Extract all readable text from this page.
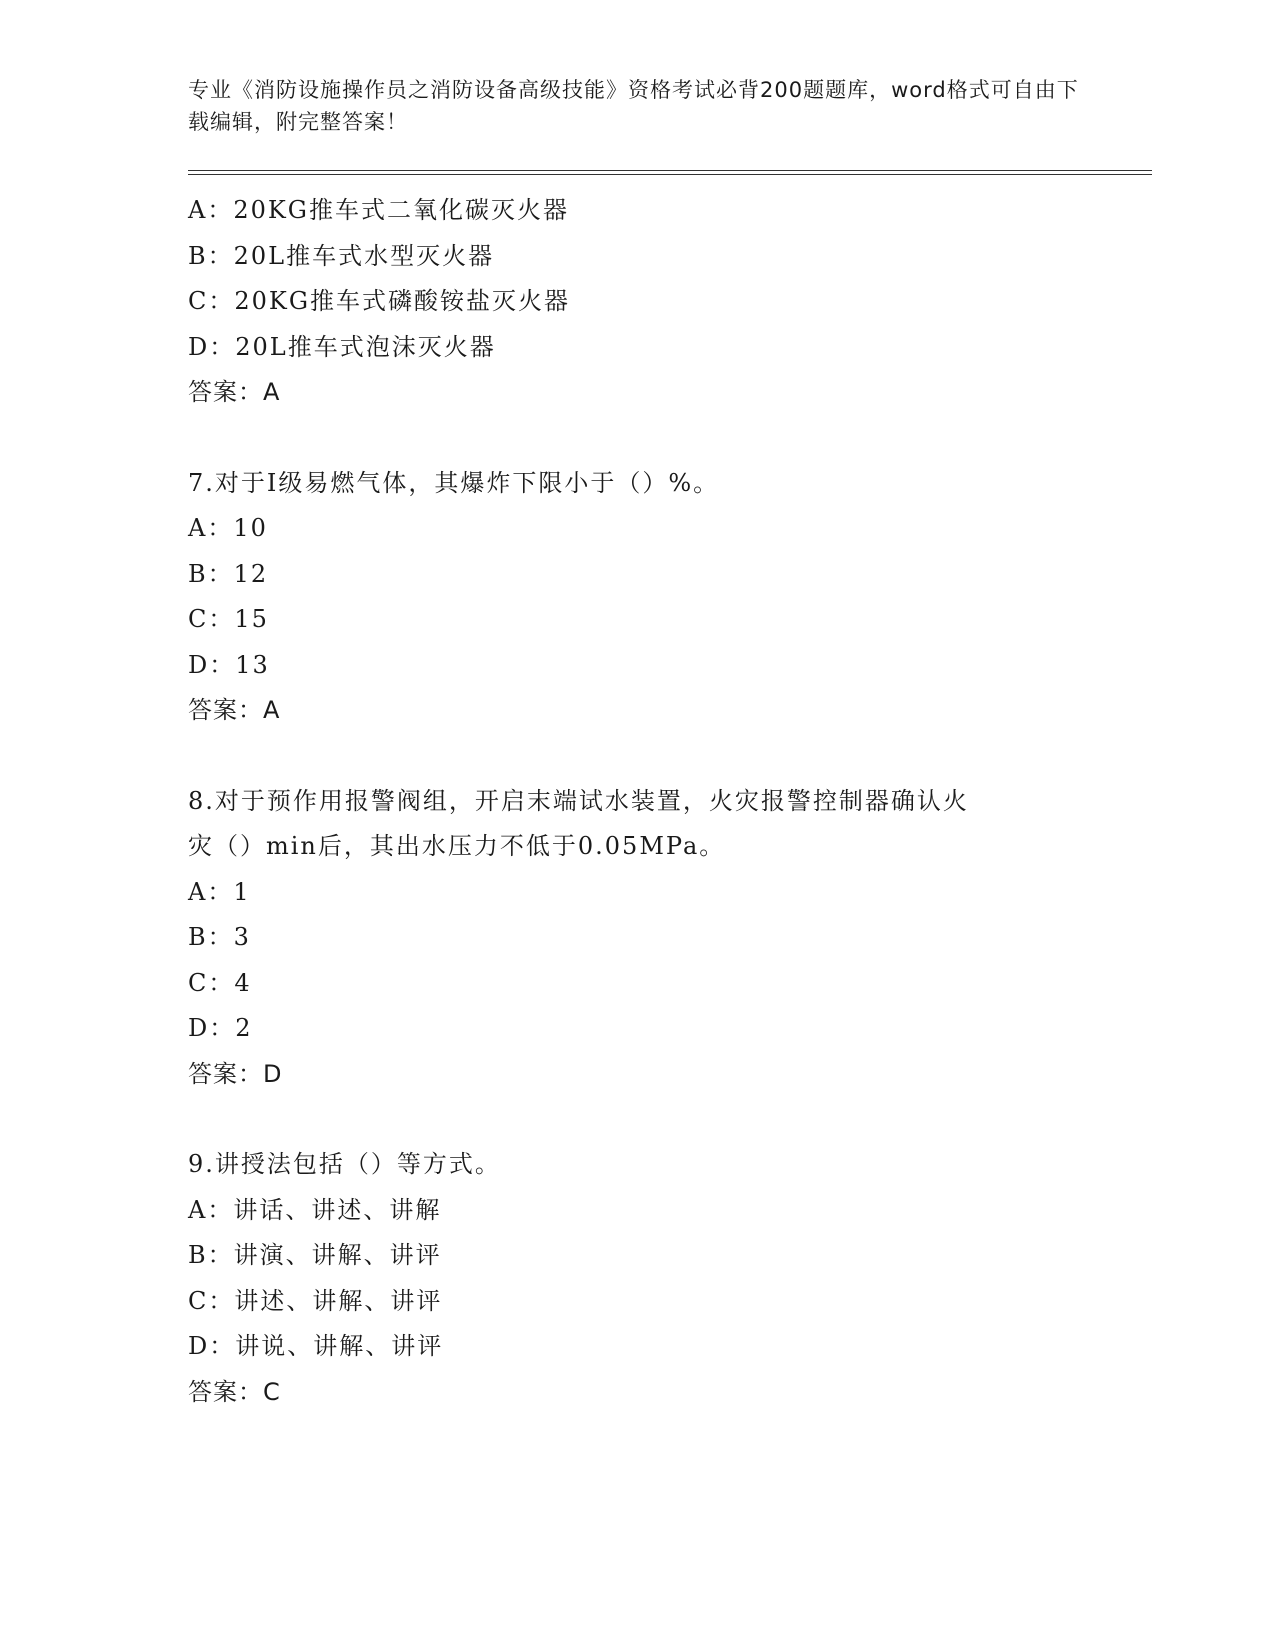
专业《消防设施操作员之消防设备高级技能》资格考试必背200题题库，word格式可自由下载编辑，附完整答案！
A：20KG推车式二氧化碳灭火器
B：20L推车式水型灭火器
C：20KG推车式磷酸铵盐灭火器
D：20L推车式泡沫灭火器
答案：A
7.对于Ⅰ级易燃气体，其爆炸下限小于（）%。
A：10
B：12
C：15
D：13
答案：A
8.对于预作用报警阀组，开启末端试水装置，火灾报警控制器确认火
灾（）min后，其出水压力不低于0.05MPa。
A：1
B：3
C：4
D：2
答案：D
9.讲授法包括（）等方式。
A：讲话、讲述、讲解
B：讲演、讲解、讲评
C：讲述、讲解、讲评
D：讲说、讲解、讲评
答案：C
